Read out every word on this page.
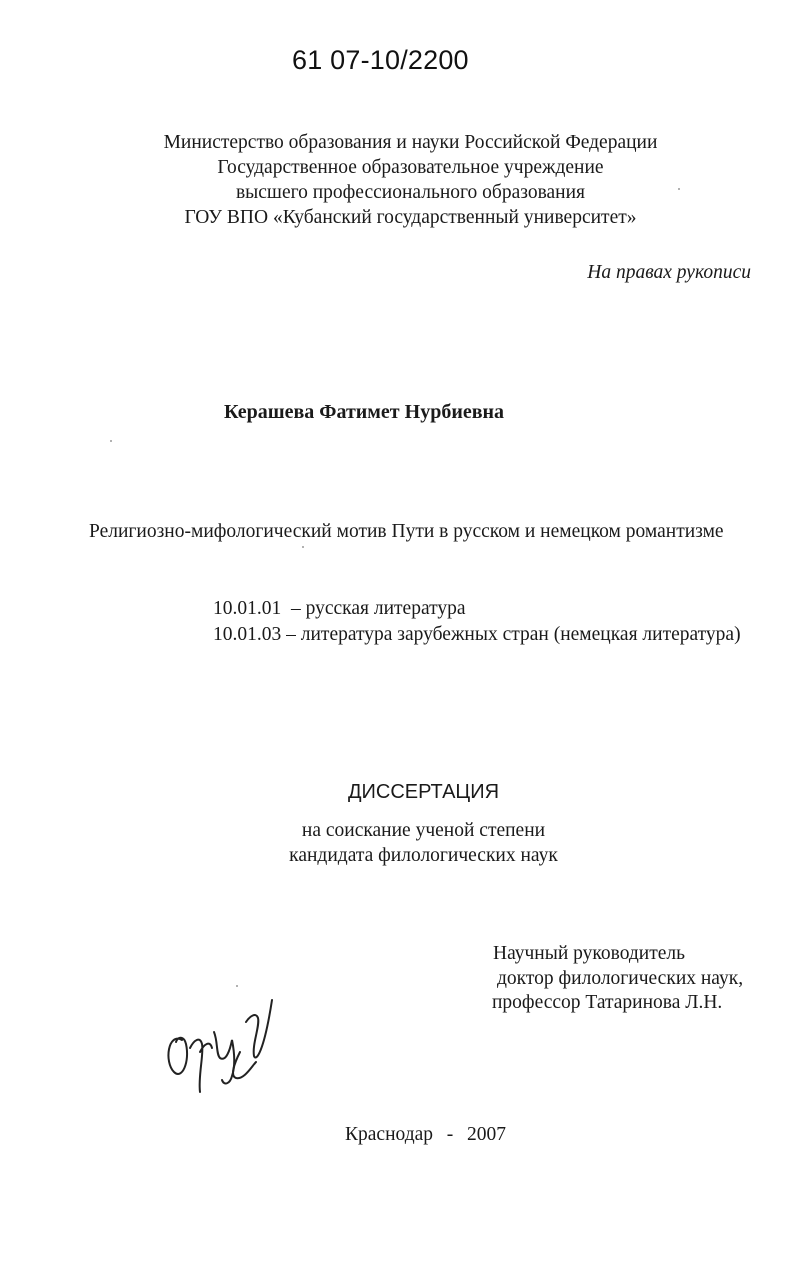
61 07-10/2200
Министерство образования и науки Российской Федерации
Государственное образовательное учреждение
высшего профессионального образования
ГОУ ВПО «Кубанский государственный университет»
На правах рукописи
Керашева Фатимет Нурбиевна
Религиозно-мифологический мотив Пути в русском и немецком романтизме
10.01.01 – русская литература
10.01.03 – литература зарубежных стран (немецкая литература)
ДИССЕРТАЦИЯ
на соискание ученой степени
кандидата филологических наук
Научный руководитель
доктор филологических наук,
профессор Татаринова Л.Н.
Краснодар - 2007
